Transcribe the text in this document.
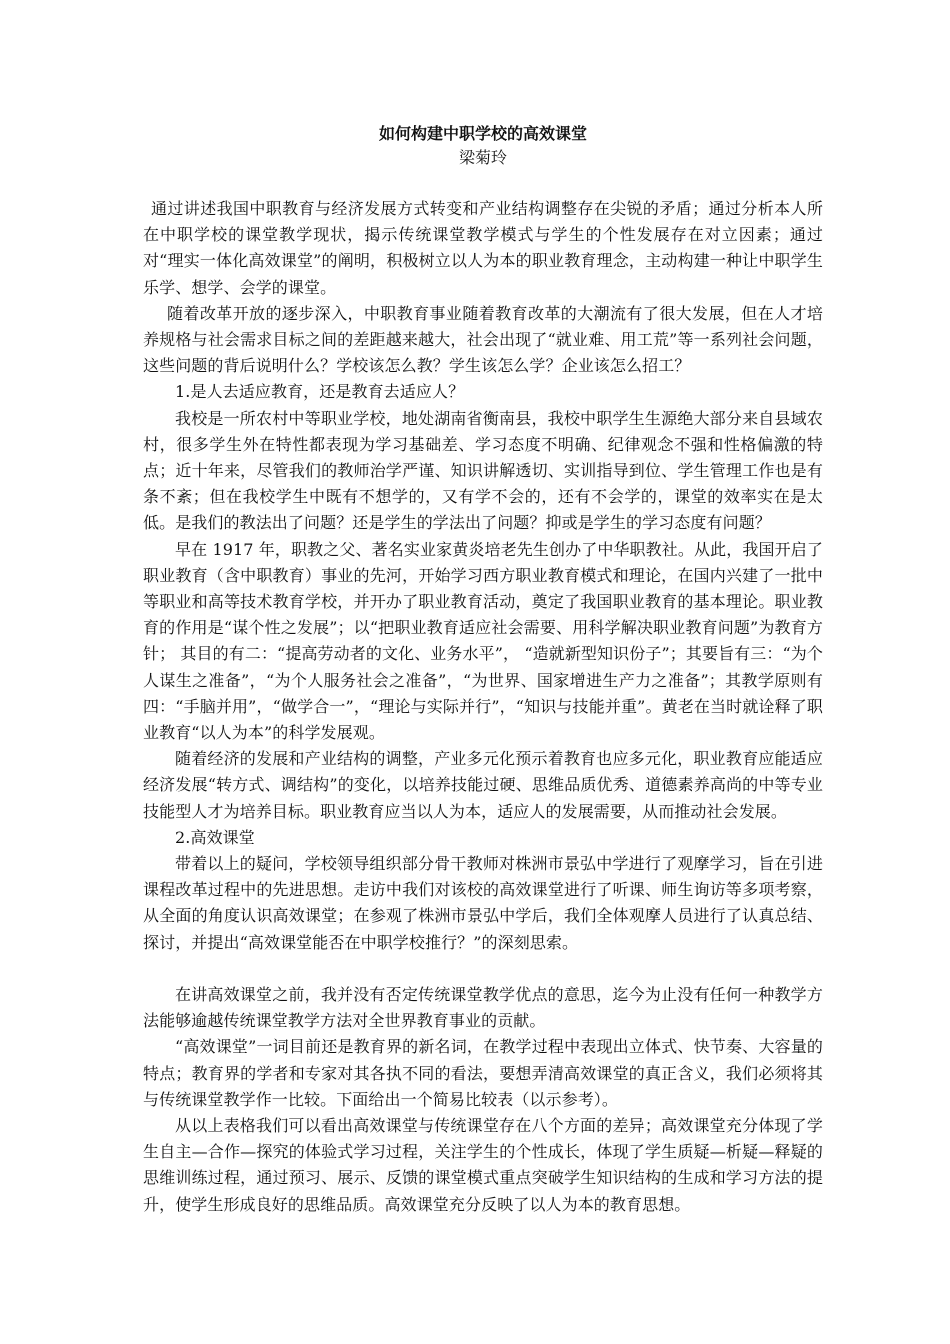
如何构建中职学校的高效课堂
梁菊玲

通过讲述我国中职教育与经济发展方式转变和产业结构调整存在尖锐的矛盾；通过分析本人所在中职学校的课堂教学现状，揭示传统课堂教学模式与学生的个性发展存在对立因素；通过对“理实一体化高效课堂”的阐明，积极树立以人为本的职业教育理念，主动构建一种让中职学生乐学、想学、会学的课堂。

随着改革开放的逐步深入，中职教育事业随着教育改革的大潮流有了很大发展，但在人才培养规格与社会需求目标之间的差距越来越大，社会出现了“就业难、用工荒”等一系列社会问题，这些问题的背后说明什么？学校该怎么教？学生该怎么学？企业该怎么招工？

1.是人去适应教育，还是教育去适应人？

我校是一所农村中等职业学校，地处湖南省衡南县，我校中职学生生源绝大部分来自县域农村，很多学生外在特性都表现为学习基础差、学习态度不明确、纪律观念不强和性格偏激的特点；近十年来，尽管我们的教师治学严谨、知识讲解透切、实训指导到位、学生管理工作也是有条不紊；但在我校学生中既有不想学的，又有学不会的，还有不会学的，课堂的效率实在是太低。是我们的教法出了问题？还是学生的学法出了问题？抑或是学生的学习态度有问题？

早在 1917 年，职教之父、著名实业家黄炎培老先生创办了中华职教社。从此，我国开启了职业教育（含中职教育）事业的先河，开始学习西方职业教育模式和理论，在国内兴建了一批中等职业和高等技术教育学校，并开办了职业教育活动，奠定了我国职业教育的基本理论。职业教育的作用是“谋个性之发展”；以“把职业教育适应社会需要、用科学解决职业教育问题”为教育方针； 其目的有二：“提高劳动者的文化、业务水平”， “造就新型知识份子”；其要旨有三：“为个人谋生之准备”，“为个人服务社会之准备”，“为世界、国家增进生产力之准备”；其教学原则有四：“手脑并用”，“做学合一”，“理论与实际并行”，“知识与技能并重”。黄老在当时就诠释了职业教育“以人为本”的科学发展观。

随着经济的发展和产业结构的调整，产业多元化预示着教育也应多元化，职业教育应能适应经济发展“转方式、调结构”的变化，以培养技能过硬、思维品质优秀、道德素养高尚的中等专业技能型人才为培养目标。职业教育应当以人为本，适应人的发展需要，从而推动社会发展。

2.高效课堂

带着以上的疑问，学校领导组织部分骨干教师对株洲市景弘中学进行了观摩学习，旨在引进课程改革过程中的先进思想。走访中我们对该校的高效课堂进行了听课、师生询访等多项考察，从全面的角度认识高效课堂；在参观了株洲市景弘中学后，我们全体观摩人员进行了认真总结、探讨，并提出“高效课堂能否在中职学校推行？”的深刻思索。

在讲高效课堂之前，我并没有否定传统课堂教学优点的意思，迄今为止没有任何一种教学方法能够逾越传统课堂教学方法对全世界教育事业的贡献。

“高效课堂”一词目前还是教育界的新名词，在教学过程中表现出立体式、快节奏、大容量的特点；教育界的学者和专家对其各执不同的看法，要想弄清高效课堂的真正含义，我们必须将其与传统课堂教学作一比较。下面给出一个简易比较表（以示参考）。

从以上表格我们可以看出高效课堂与传统课堂存在八个方面的差异；高效课堂充分体现了学生自主—合作—探究的体验式学习过程，关注学生的个性成长，体现了学生质疑—析疑—释疑的思维训练过程，通过预习、展示、反馈的课堂模式重点突破学生知识结构的生成和学习方法的提升，使学生形成良好的思维品质。高效课堂充分反映了以人为本的教育思想。
